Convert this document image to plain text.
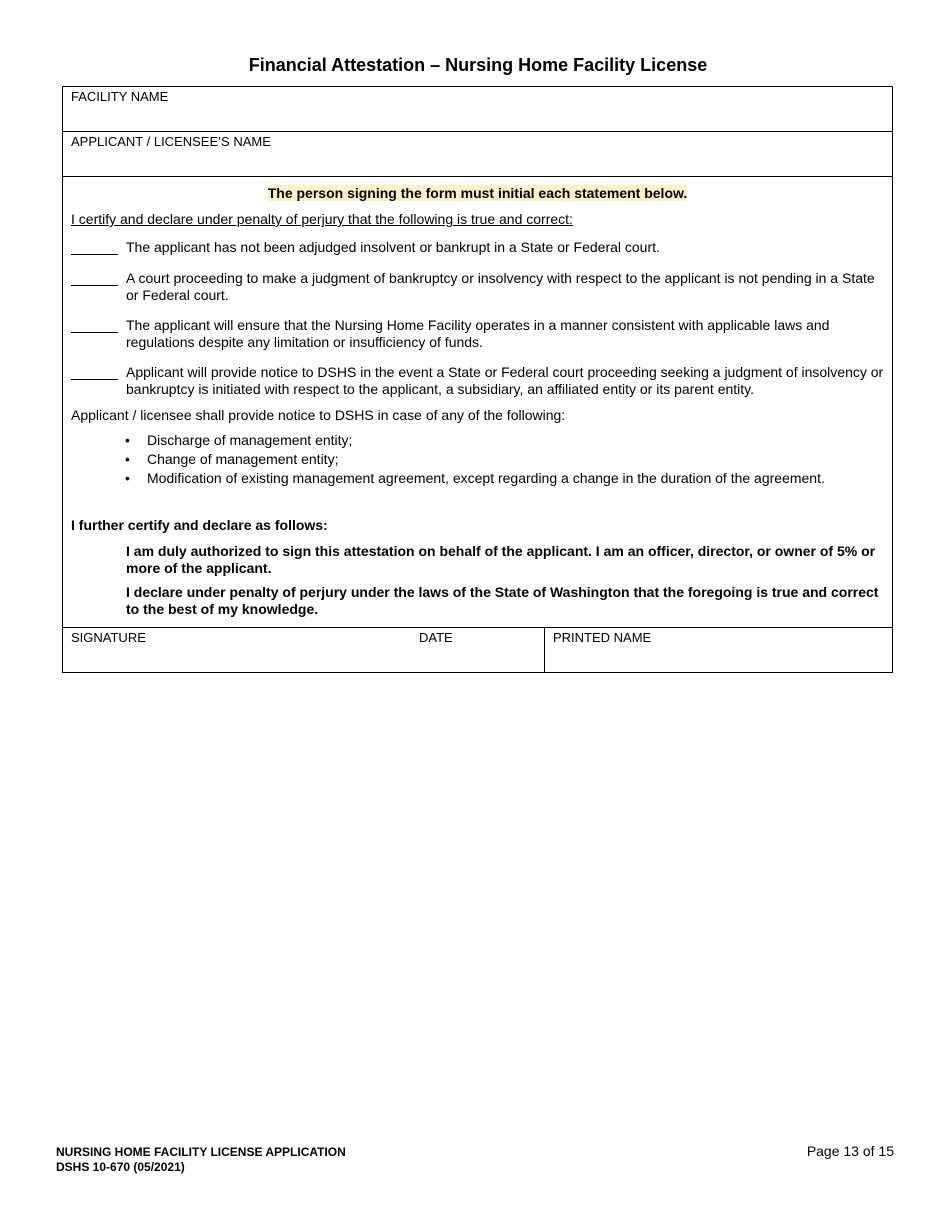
Financial Attestation – Nursing Home Facility License
FACILITY NAME
APPLICANT / LICENSEE’S NAME
The person signing the form must initial each statement below.
I certify and declare under penalty of perjury that the following is true and correct:
The applicant has not been adjudged insolvent or bankrupt in a State or Federal court.
A court proceeding to make a judgment of bankruptcy or insolvency with respect to the applicant is not pending in a State or Federal court.
The applicant will ensure that the Nursing Home Facility operates in a manner consistent with applicable laws and regulations despite any limitation or insufficiency of funds.
Applicant will provide notice to DSHS in the event a State or Federal court proceeding seeking a judgment of insolvency or bankruptcy is initiated with respect to the applicant, a subsidiary, an affiliated entity or its parent entity.
Applicant / licensee shall provide notice to DSHS in case of any of the following:
• Discharge of management entity;
• Change of management entity;
• Modification of existing management agreement, except regarding a change in the duration of the agreement.
I further certify and declare as follows:
I am duly authorized to sign this attestation on behalf of the applicant. I am an officer, director, or owner of 5% or more of the applicant.
I declare under penalty of perjury under the laws of the State of Washington that the foregoing is true and correct to the best of my knowledge.
SIGNATURE	DATE	PRINTED NAME
NURSING HOME FACILITY LICENSE APPLICATION
DSHS 10-670 (05/2021)
Page 13 of 15
